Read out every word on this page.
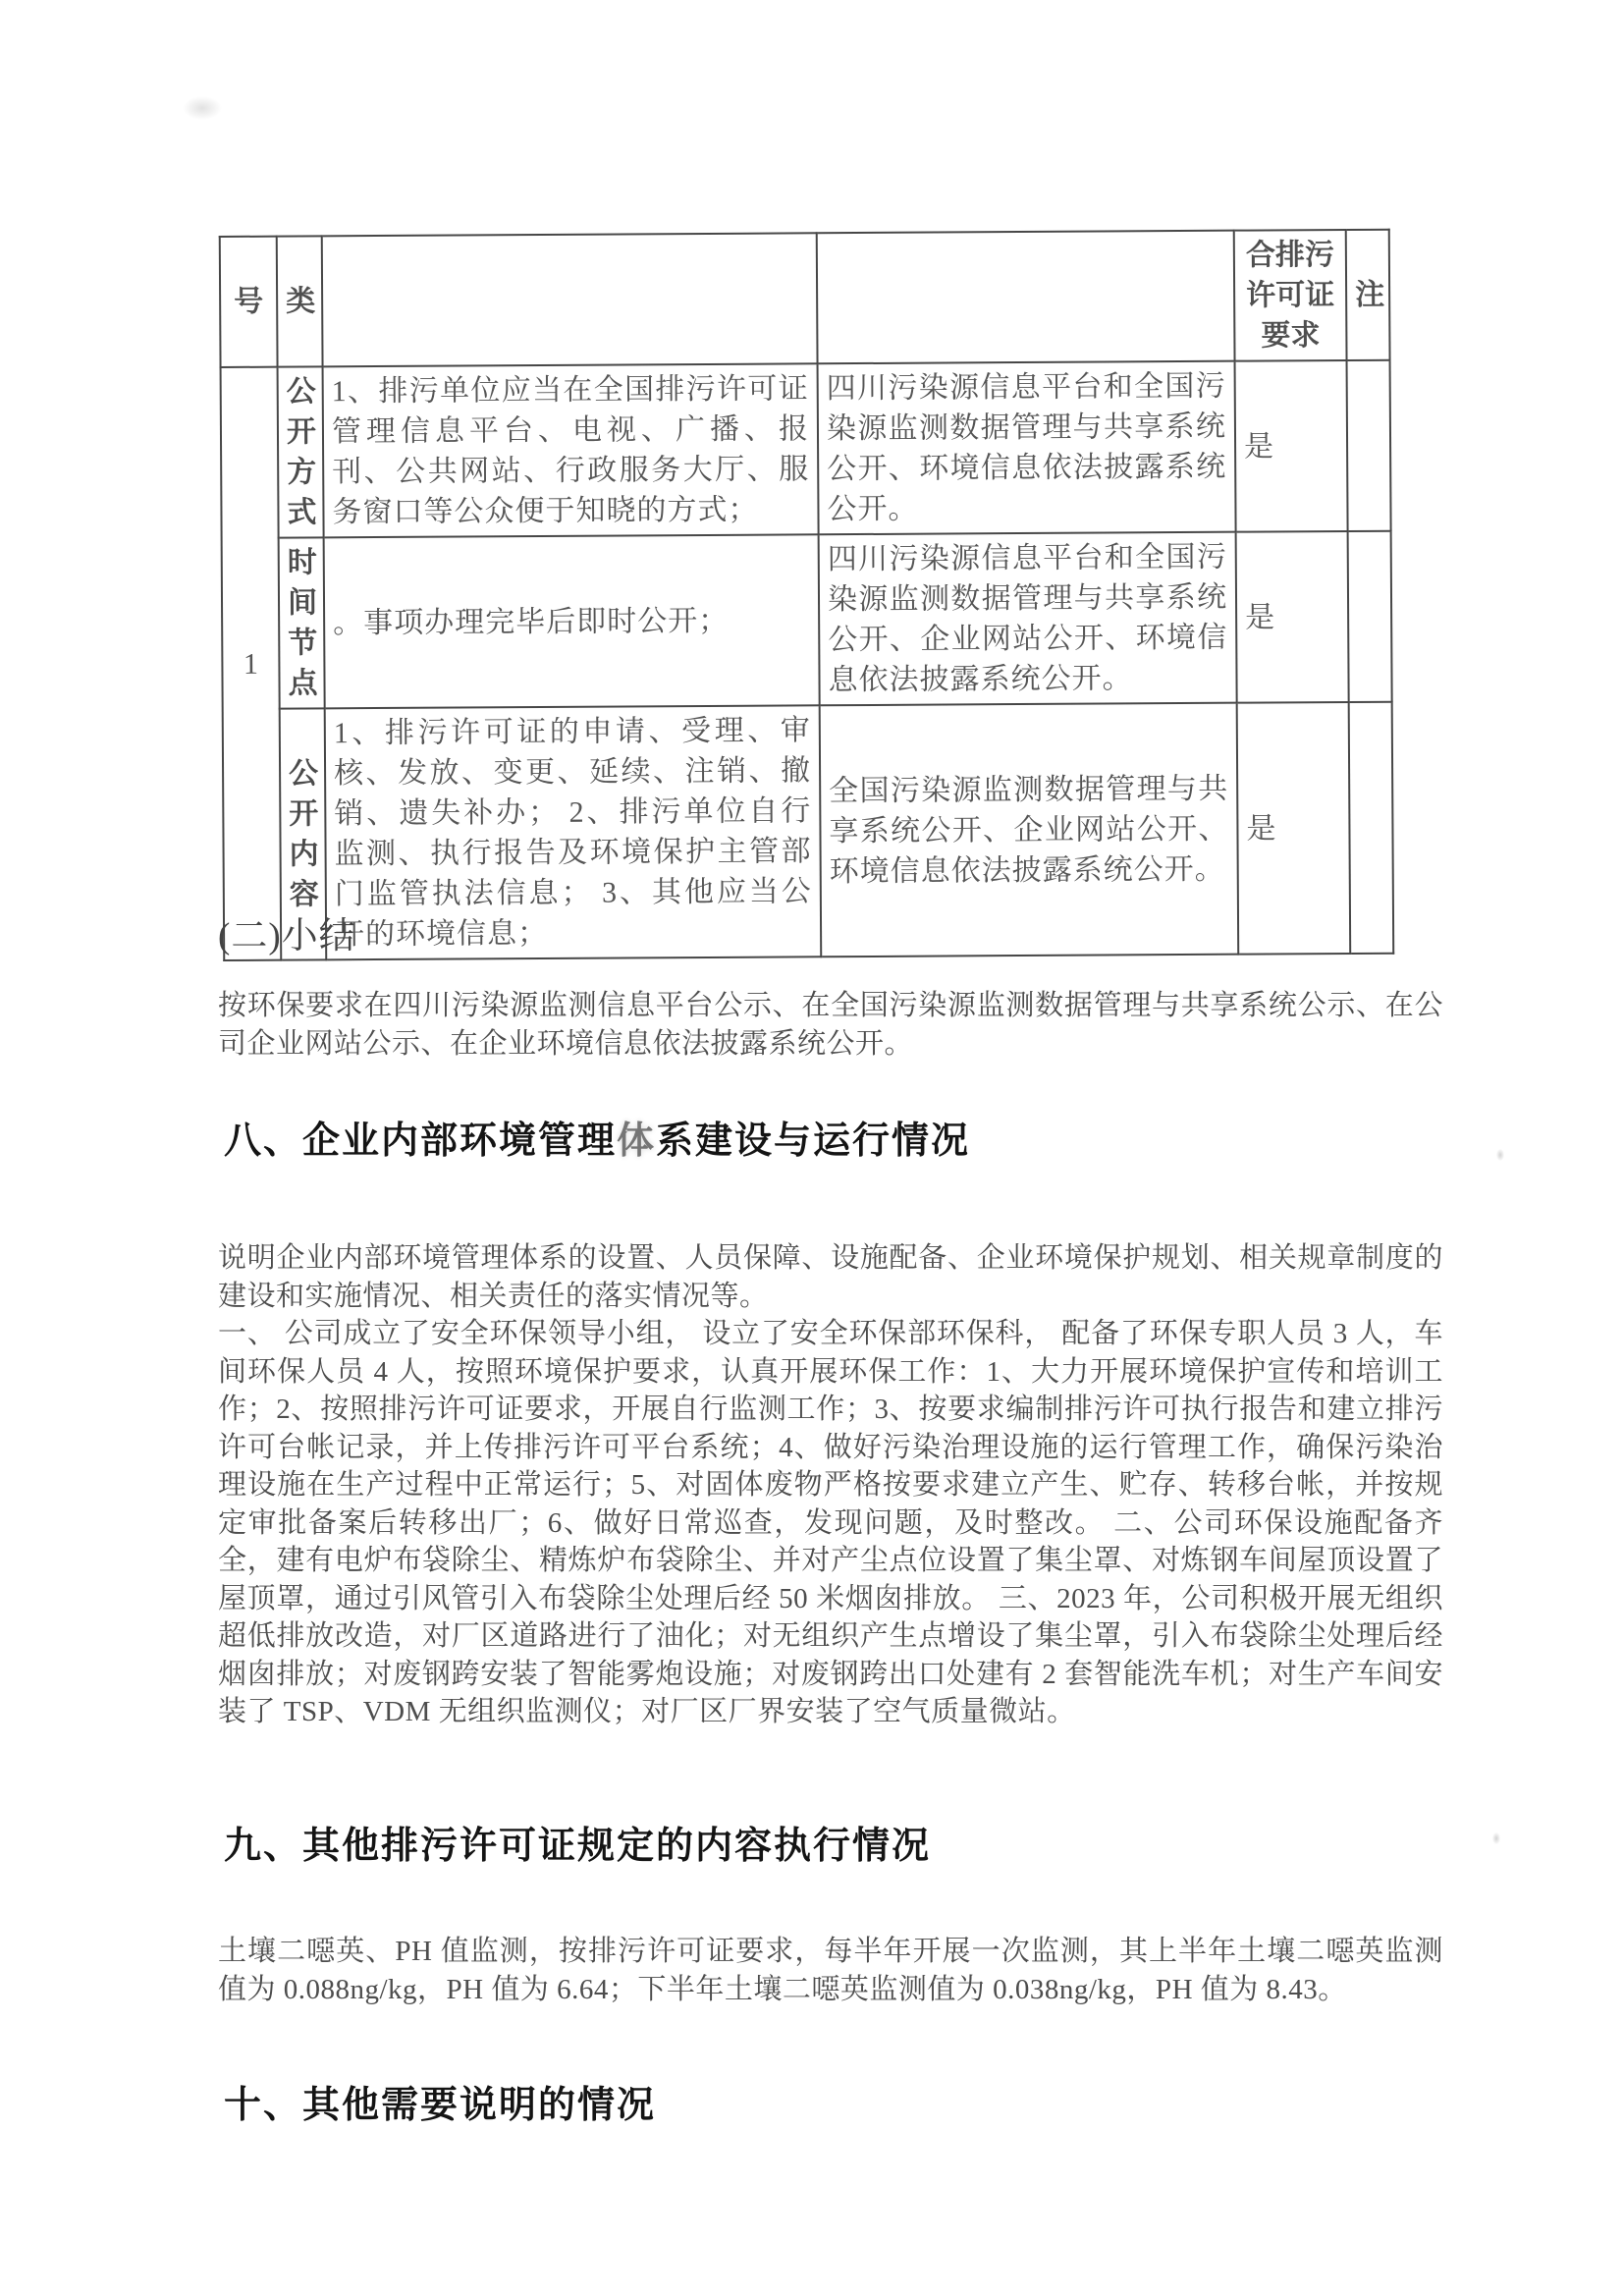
号	类			合排污许可证要求	注
1	公开方式	1、排污单位应当在全国排污许可证管理信息平台、电视、广播、报刊、公共网站、行政服务大厅、服务窗口等公众便于知晓的方式；	四川污染源信息平台和全国污染源监测数据管理与共享系统公开、环境信息依法披露系统公开。	是	
	时间节点	。事项办理完毕后即时公开；	四川污染源信息平台和全国污染源监测数据管理与共享系统公开、企业网站公开、环境信息依法披露系统公开。	是	
	公开内容	1、排污许可证的申请、受理、审核、发放、变更、延续、注销、撤销、遗失补办； 2、排污单位自行监测、执行报告及环境保护主管部门监管执法信息； 3、其他应当公开的环境信息；	全国污染源监测数据管理与共享系统公开、企业网站公开、环境信息依法披露系统公开。	是	
(二)小结

按环保要求在四川污染源监测信息平台公示、在全国污染源监测数据管理与共享系统公示、在公司企业网站公示、在企业环境信息依法披露系统公开。

八、企业内部环境管理体系建设与运行情况

说明企业内部环境管理体系的设置、人员保障、设施配备、企业环境保护规划、相关规章制度的建设和实施情况、相关责任的落实情况等。

一、 公司成立了安全环保领导小组， 设立了安全环保部环保科， 配备了环保专职人员 3 人，车间环保人员 4 人，按照环境保护要求，认真开展环保工作：1、大力开展环境保护宣传和培训工作；2、按照排污许可证要求，开展自行监测工作；3、按要求编制排污许可执行报告和建立排污许可台帐记录，并上传排污许可平台系统；4、做好污染治理设施的运行管理工作，确保污染治理设施在生产过程中正常运行；5、对固体废物严格按要求建立产生、贮存、转移台帐，并按规定审批备案后转移出厂；6、做好日常巡查，发现问题，及时整改。 二、公司环保设施配备齐全，建有电炉布袋除尘、精炼炉布袋除尘、并对产尘点位设置了集尘罩、对炼钢车间屋顶设置了屋顶罩，通过引风管引入布袋除尘处理后经 50 米烟囱排放。 三、2023 年，公司积极开展无组织超低排放改造，对厂区道路进行了油化；对无组织产生点增设了集尘罩，引入布袋除尘处理后经烟囱排放；对废钢跨安装了智能雾炮设施；对废钢跨出口处建有 2 套智能洗车机；对生产车间安装了 TSP、VDM 无组织监测仪；对厂区厂界安装了空气质量微站。

九、其他排污许可证规定的内容执行情况

土壤二噁英、PH 值监测，按排污许可证要求，每半年开展一次监测，其上半年土壤二噁英监测值为 0.088ng/kg，PH 值为 6.64；下半年土壤二噁英监测值为 0.038ng/kg，PH 值为 8.43。

十、其他需要说明的情况
